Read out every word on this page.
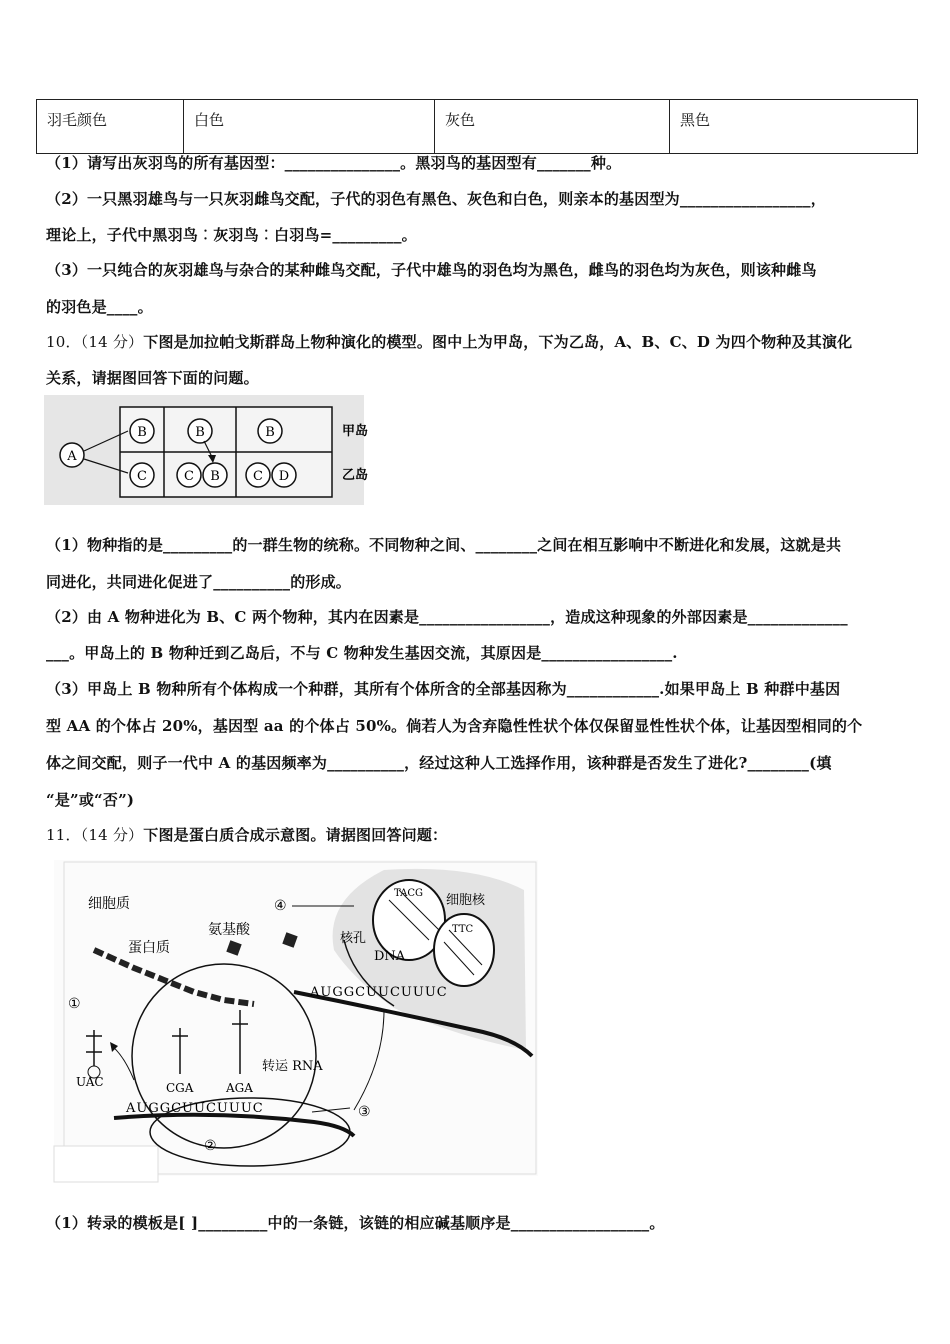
羽毛颜色	白色	灰色	黑色
（1）请写出灰羽鸟的所有基因型：_______________。黑羽鸟的基因型有_______种。
（2）一只黑羽雄鸟与一只灰羽雌鸟交配，子代的羽色有黑色、灰色和白色，则亲本的基因型为_________________，
理论上，子代中黑羽鸟︰灰羽鸟︰白羽鸟=_________。
（3）一只纯合的灰羽雄鸟与杂合的某种雌鸟交配，子代中雄鸟的羽色均为黑色，雌鸟的羽色均为灰色，则该种雌鸟
的羽色是____。
10．（14 分）下图是加拉帕戈斯群岛上物种演化的模型。图中上为甲岛，下为乙岛，A、B、C、D 为四个物种及其演化
关系，请据图回答下面的问题。
A
B	B	B
C	C B	C D
甲岛
乙岛
（1）物种指的是_________的一群生物的统称。不同物种之间、________之间在相互影响中不断进化和发展，这就是共
同进化，共同进化促进了__________的形成。
（2）由 A 物种进化为 B、C 两个物种，其内在因素是_________________，造成这种现象的外部因素是_____________
___。甲岛上的 B 物种迁到乙岛后，不与 C 物种发生基因交流，其原因是_________________.
（3）甲岛上 B 物种所有个体构成一个种群，其所有个体所含的全部基因称为____________.如果甲岛上 B 种群中基因
型 AA 的个体占 20%，基因型 aa 的个体占 50%。倘若人为含弃隐性性状个体仅保留显性性状个体，让基因型相同的个
体之间交配，则子一代中 A 的基因频率为__________，经过这种人工选择作用，该种群是否发生了进化?________(填
“是”或“否”)
11．（14 分）下图是蛋白质合成示意图。请据图回答问题：
TACG
TTC
DNA
细胞核
核孔
细胞质
蛋白质
氨基酸
④
AUGGCUUCUUUC
AUGGCUUCUUUC
UAC	CGA	AGA
①
②
③
转运 RNA
（1）转录的模板是[ ]_________中的一条链，该链的相应碱基顺序是__________________。
